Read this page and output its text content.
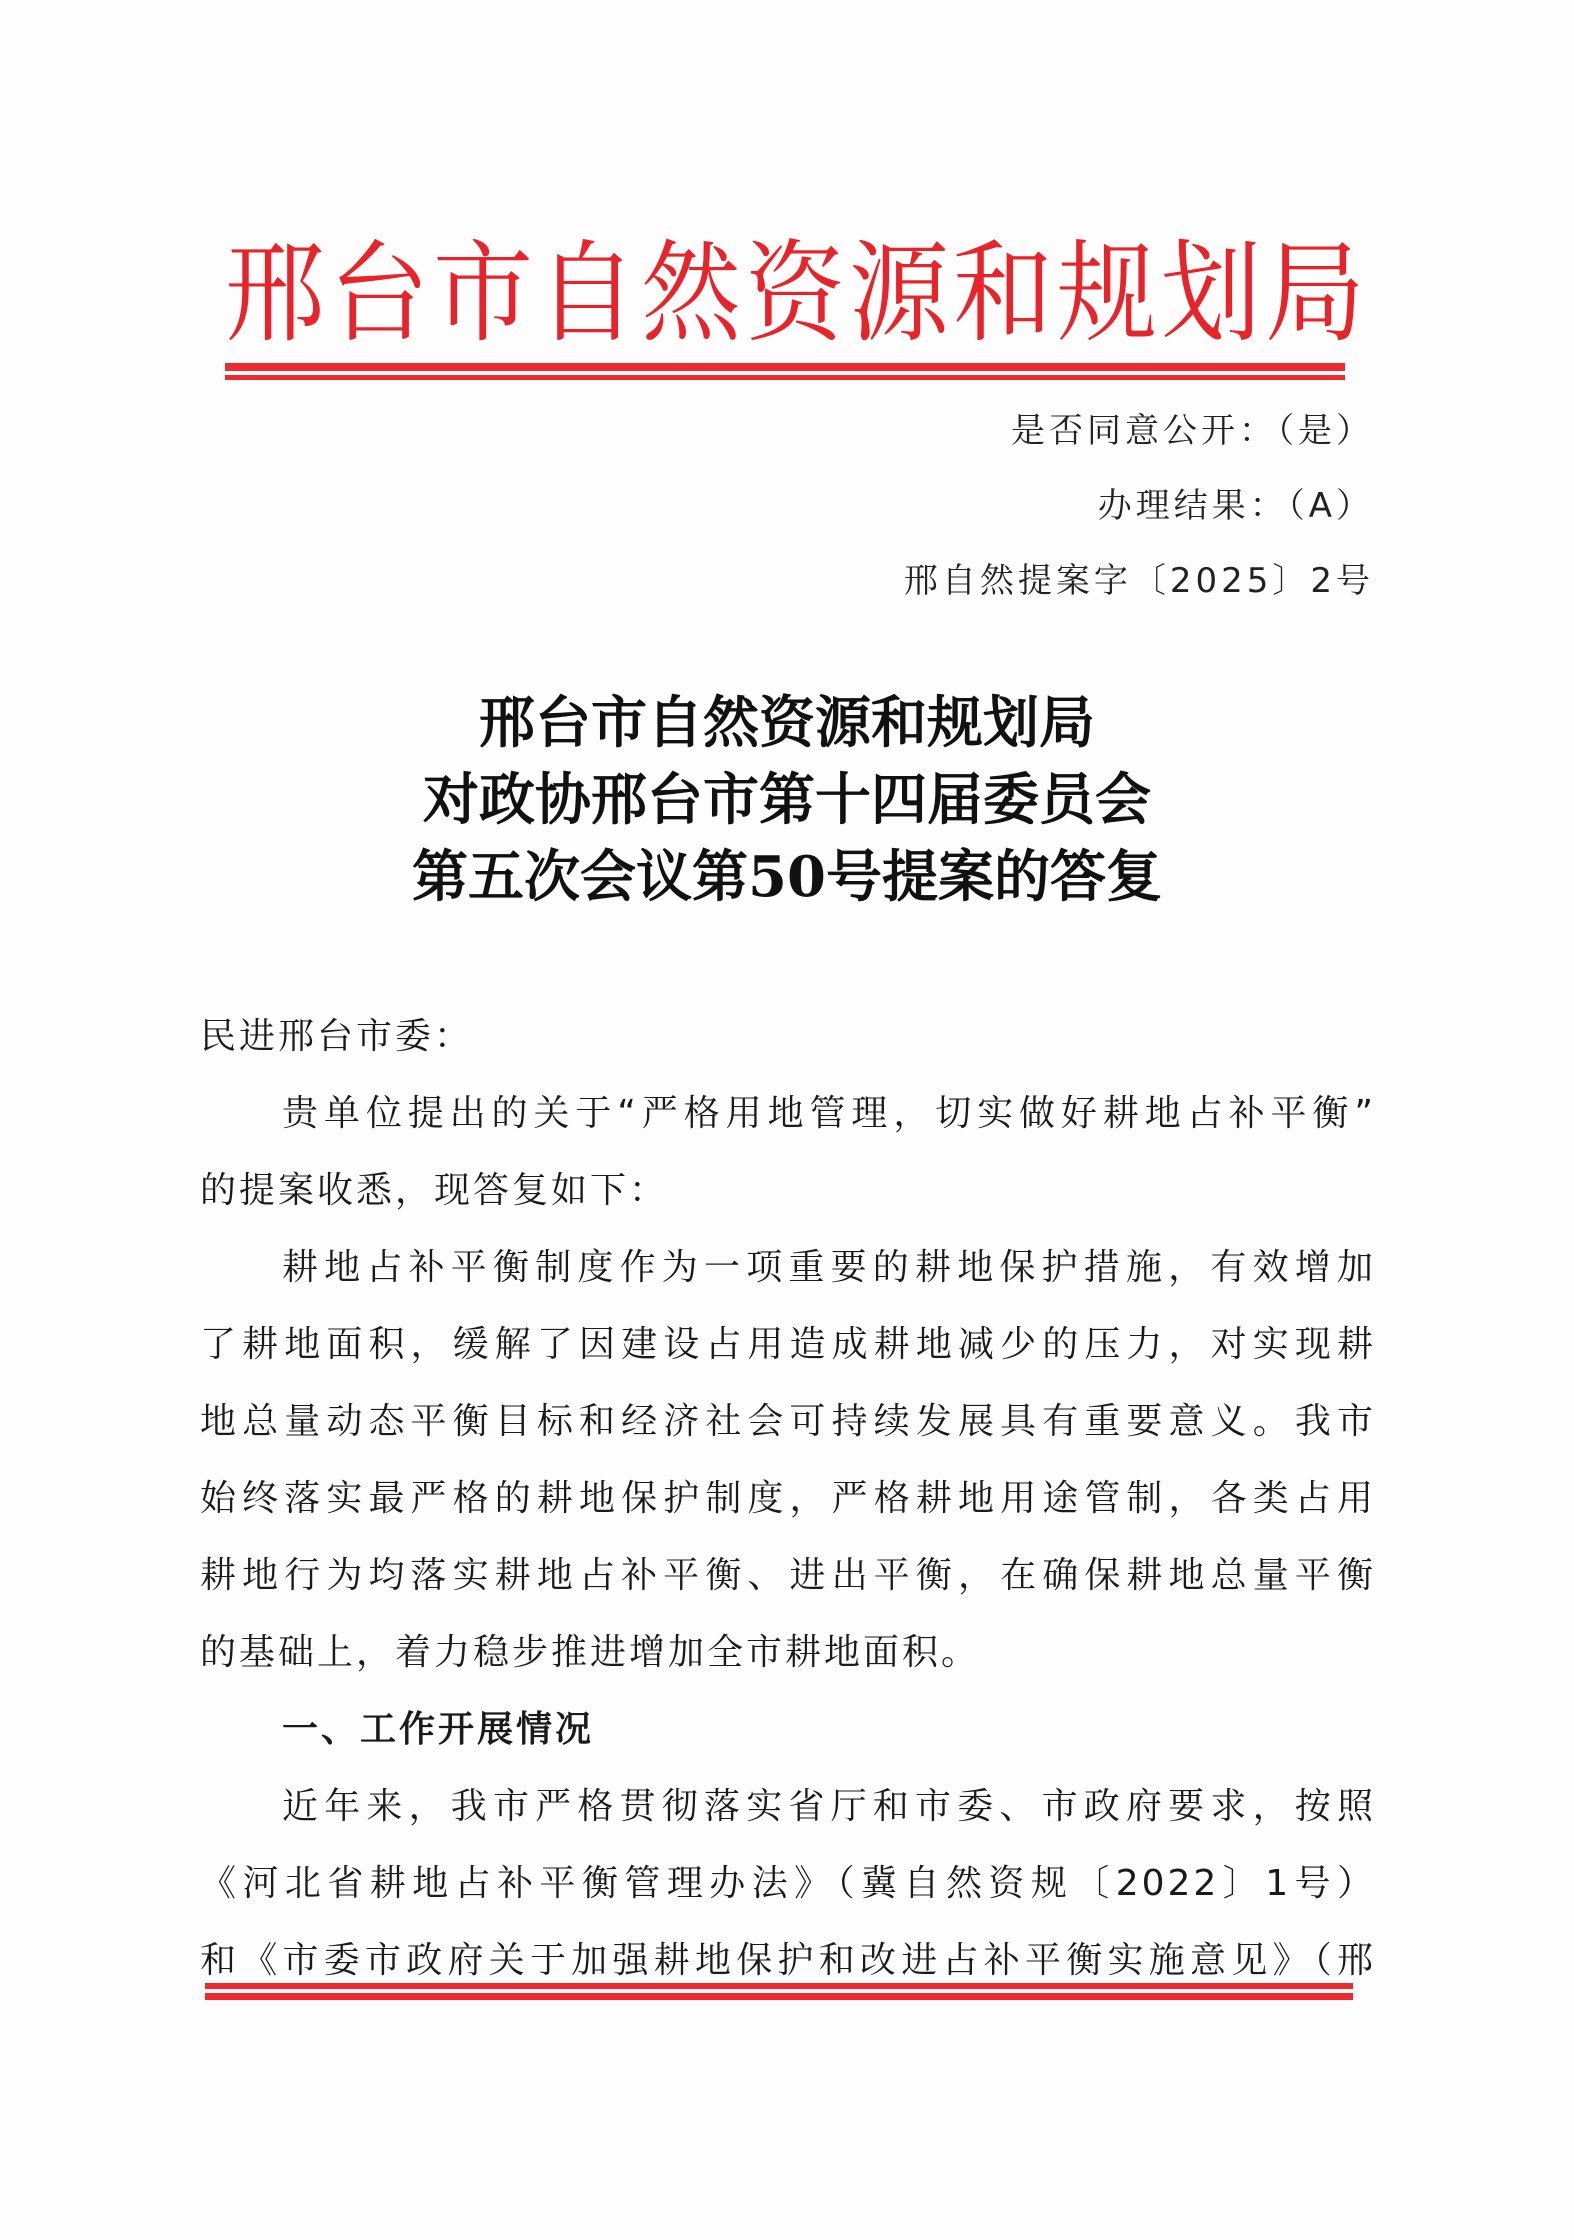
邢台市自然资源和规划局
是否同意公开：（是）
办理结果：（A）
邢自然提案字〔2025〕2号
邢台市自然资源和规划局
对政协邢台市第十四届委员会
第五次会议第50号提案的答复
民进邢台市委：
贵单位提出的关于“严格用地管理，切实做好耕地占补平衡”
的提案收悉，现答复如下：
耕地占补平衡制度作为一项重要的耕地保护措施，有效增加
了耕地面积，缓解了因建设占用造成耕地减少的压力，对实现耕
地总量动态平衡目标和经济社会可持续发展具有重要意义。我市
始终落实最严格的耕地保护制度，严格耕地用途管制，各类占用
耕地行为均落实耕地占补平衡、进出平衡，在确保耕地总量平衡
的基础上，着力稳步推进增加全市耕地面积。
一、工作开展情况
近年来，我市严格贯彻落实省厅和市委、市政府要求，按照
《河北省耕地占补平衡管理办法》（冀自然资规〔2022〕1号）
和《市委市政府关于加强耕地保护和改进占补平衡实施意见》（邢
